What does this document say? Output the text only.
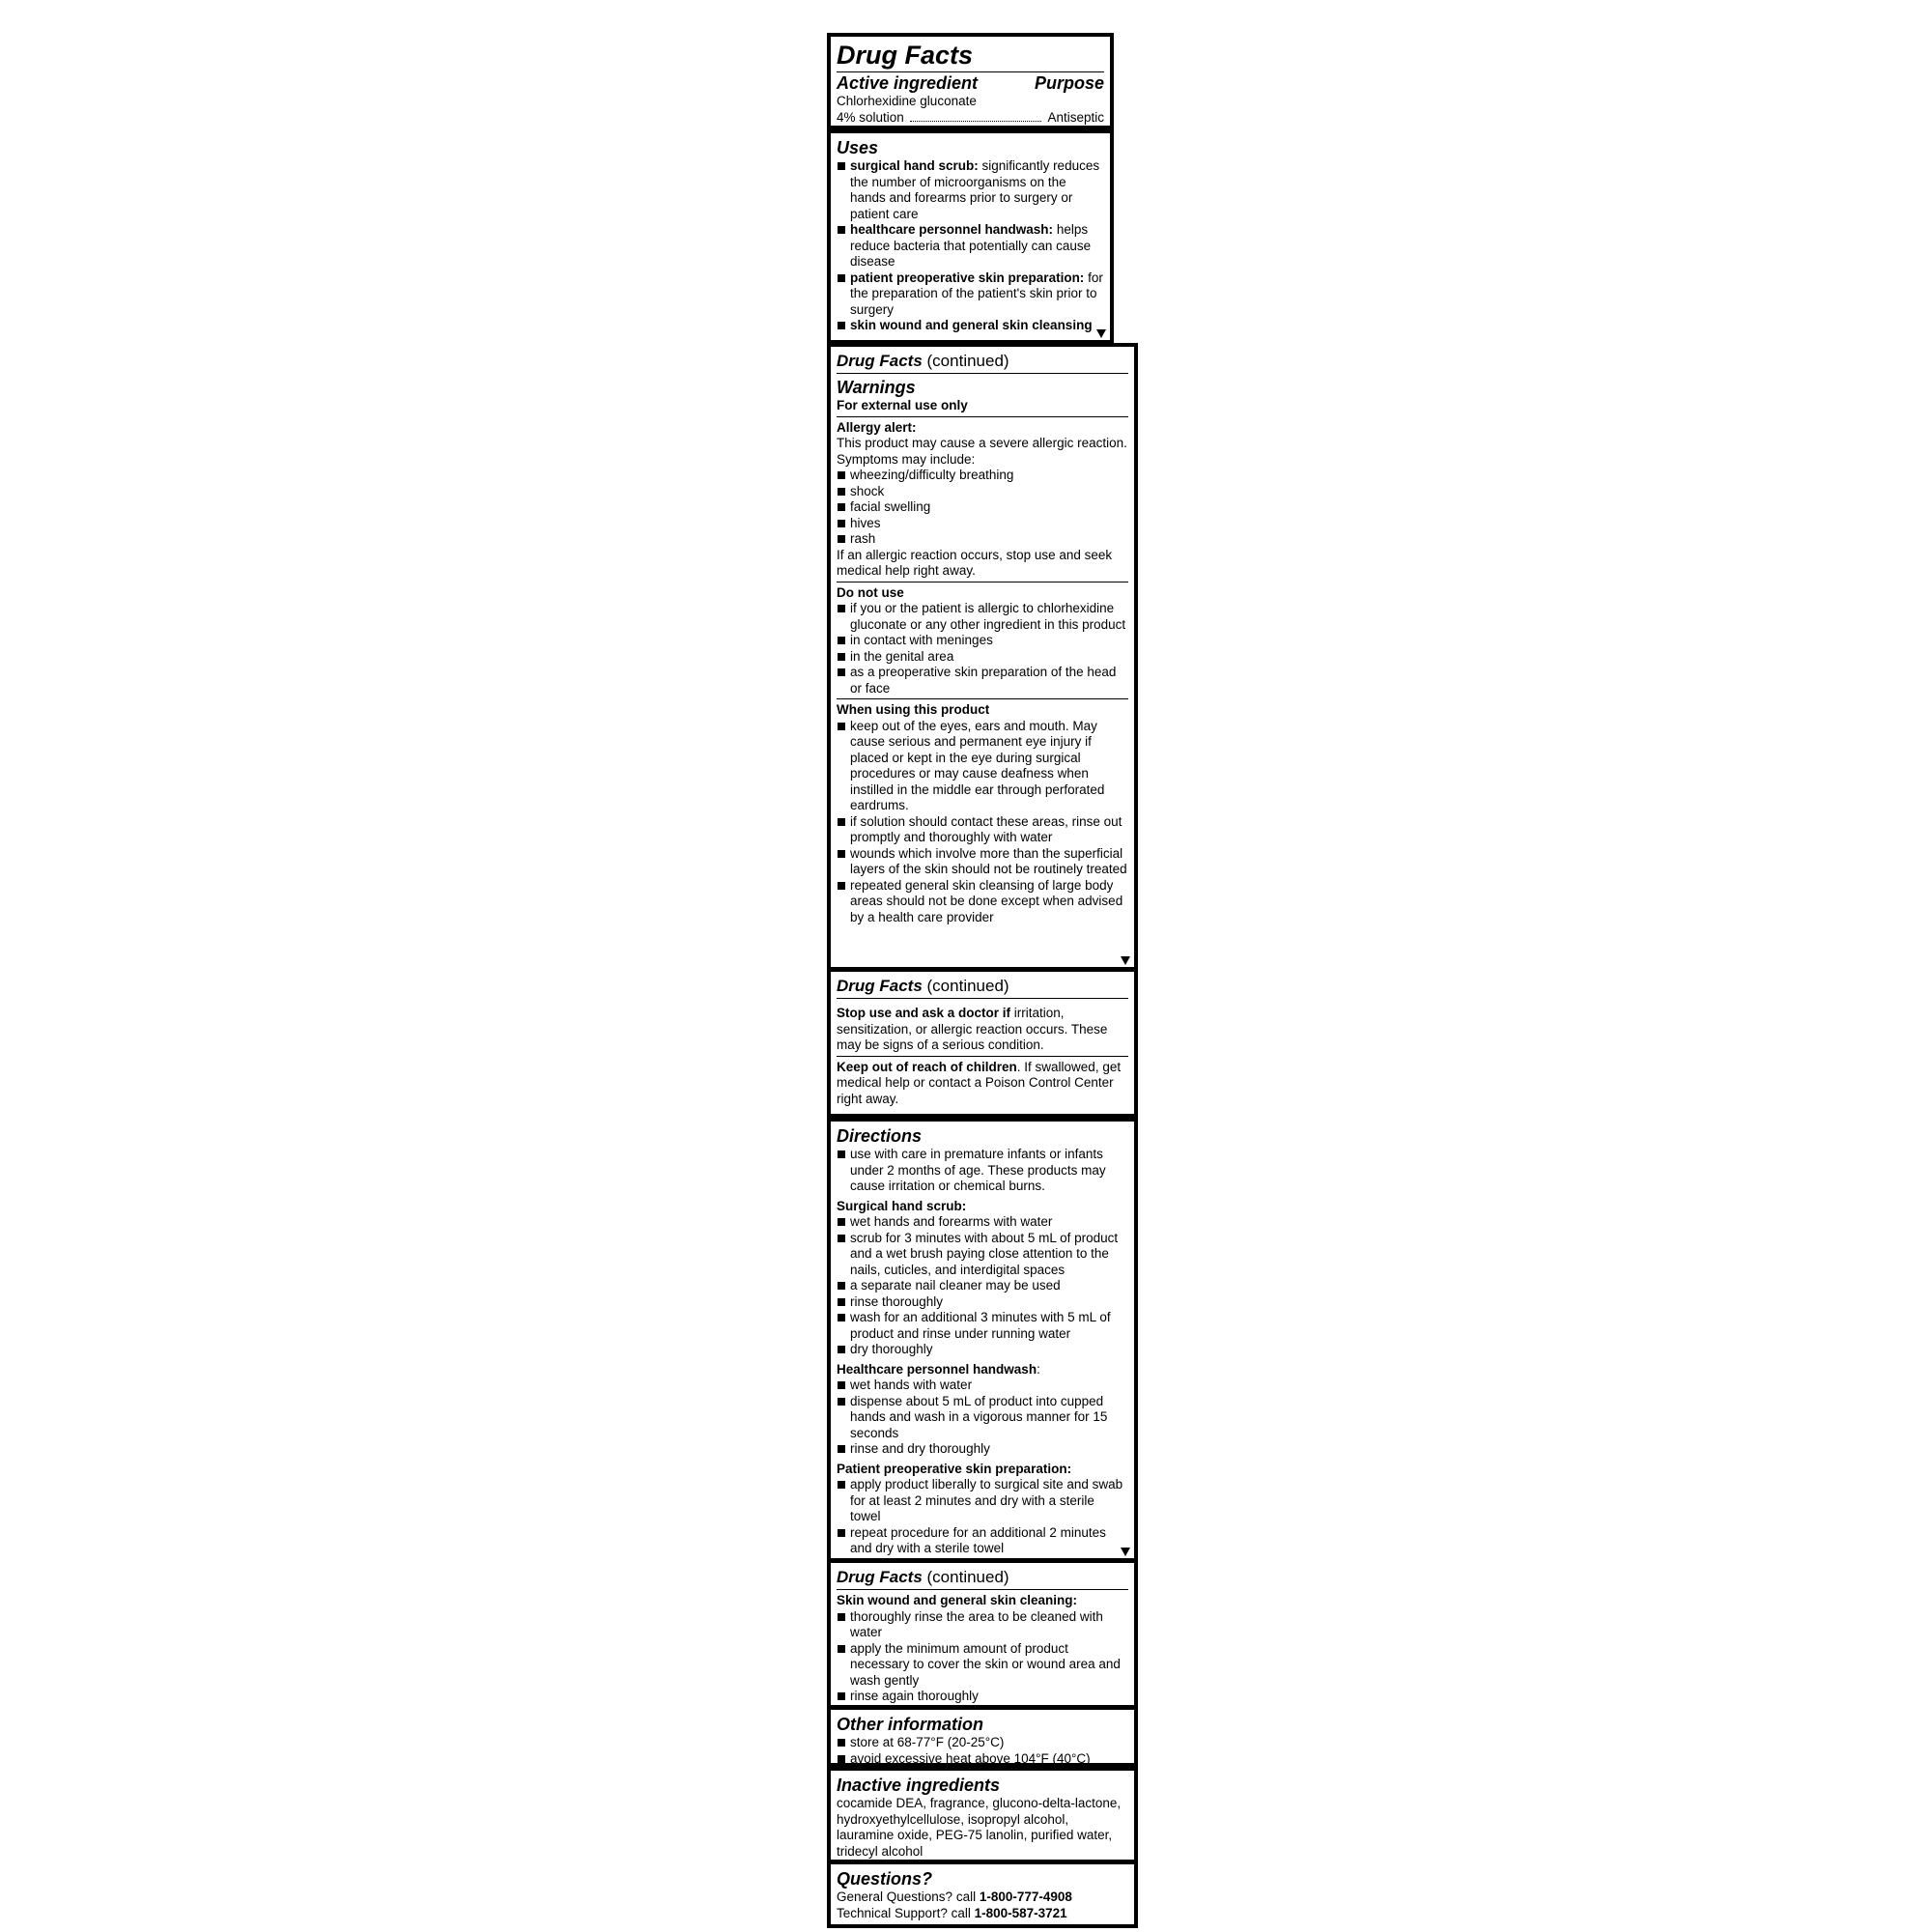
Drug Facts
Active ingredient	Purpose
Chlorhexidine gluconate
4% solution	Antiseptic
Uses
surgical hand scrub: significantly reduces the number of microorganisms on the hands and forearms prior to surgery or patient care
healthcare personnel handwash: helps reduce bacteria that potentially can cause disease
patient preoperative skin preparation: for the preparation of the patient's skin prior to surgery
skin wound and general skin cleansing
Drug Facts (continued)
Warnings
For external use only
Allergy alert:
This product may cause a severe allergic reaction. Symptoms may include:
wheezing/difficulty breathing
shock
facial swelling
hives
rash
If an allergic reaction occurs, stop use and seek medical help right away.
Do not use
if you or the patient is allergic to chlorhexidine gluconate or any other ingredient in this product
in contact with meninges
in the genital area
as a preoperative skin preparation of the head or face
When using this product
keep out of the eyes, ears and mouth. May cause serious and permanent eye injury if placed or kept in the eye during surgical procedures or may cause deafness when instilled in the middle ear through perforated eardrums.
if solution should contact these areas, rinse out promptly and thoroughly with water
wounds which involve more than the superficial layers of the skin should not be routinely treated
repeated general skin cleansing of large body areas should not be done except when advised by a health care provider
Drug Facts (continued)
Stop use and ask a doctor if irritation, sensitization, or allergic reaction occurs. These may be signs of a serious condition.
Keep out of reach of children. If swallowed, get medical help or contact a Poison Control Center right away.
Directions
use with care in premature infants or infants under 2 months of age. These products may cause irritation or chemical burns.
Surgical hand scrub:
wet hands and forearms with water
scrub for 3 minutes with about 5 mL of product and a wet brush paying close attention to the nails, cuticles, and interdigital spaces
a separate nail cleaner may be used
rinse thoroughly
wash for an additional 3 minutes with 5 mL of product and rinse under running water
dry thoroughly
Healthcare personnel handwash:
wet hands with water
dispense about 5 mL of product into cupped hands and wash in a vigorous manner for 15 seconds
rinse and dry thoroughly
Patient preoperative skin preparation:
apply product liberally to surgical site and swab for at least 2 minutes and dry with a sterile towel
repeat procedure for an additional 2 minutes and dry with a sterile towel
Drug Facts (continued)
Skin wound and general skin cleaning:
thoroughly rinse the area to be cleaned with water
apply the minimum amount of product necessary to cover the skin or wound area and wash gently
rinse again thoroughly
Other information
store at 68-77°F (20-25°C)
avoid excessive heat above 104°F (40°C)
Inactive ingredients
cocamide DEA, fragrance, glucono-delta-lactone, hydroxyethylcellulose, isopropyl alcohol, lauramine oxide, PEG-75 lanolin, purified water, tridecyl alcohol
Questions?
General Questions? call 1-800-777-4908
Technical Support? call 1-800-587-3721
